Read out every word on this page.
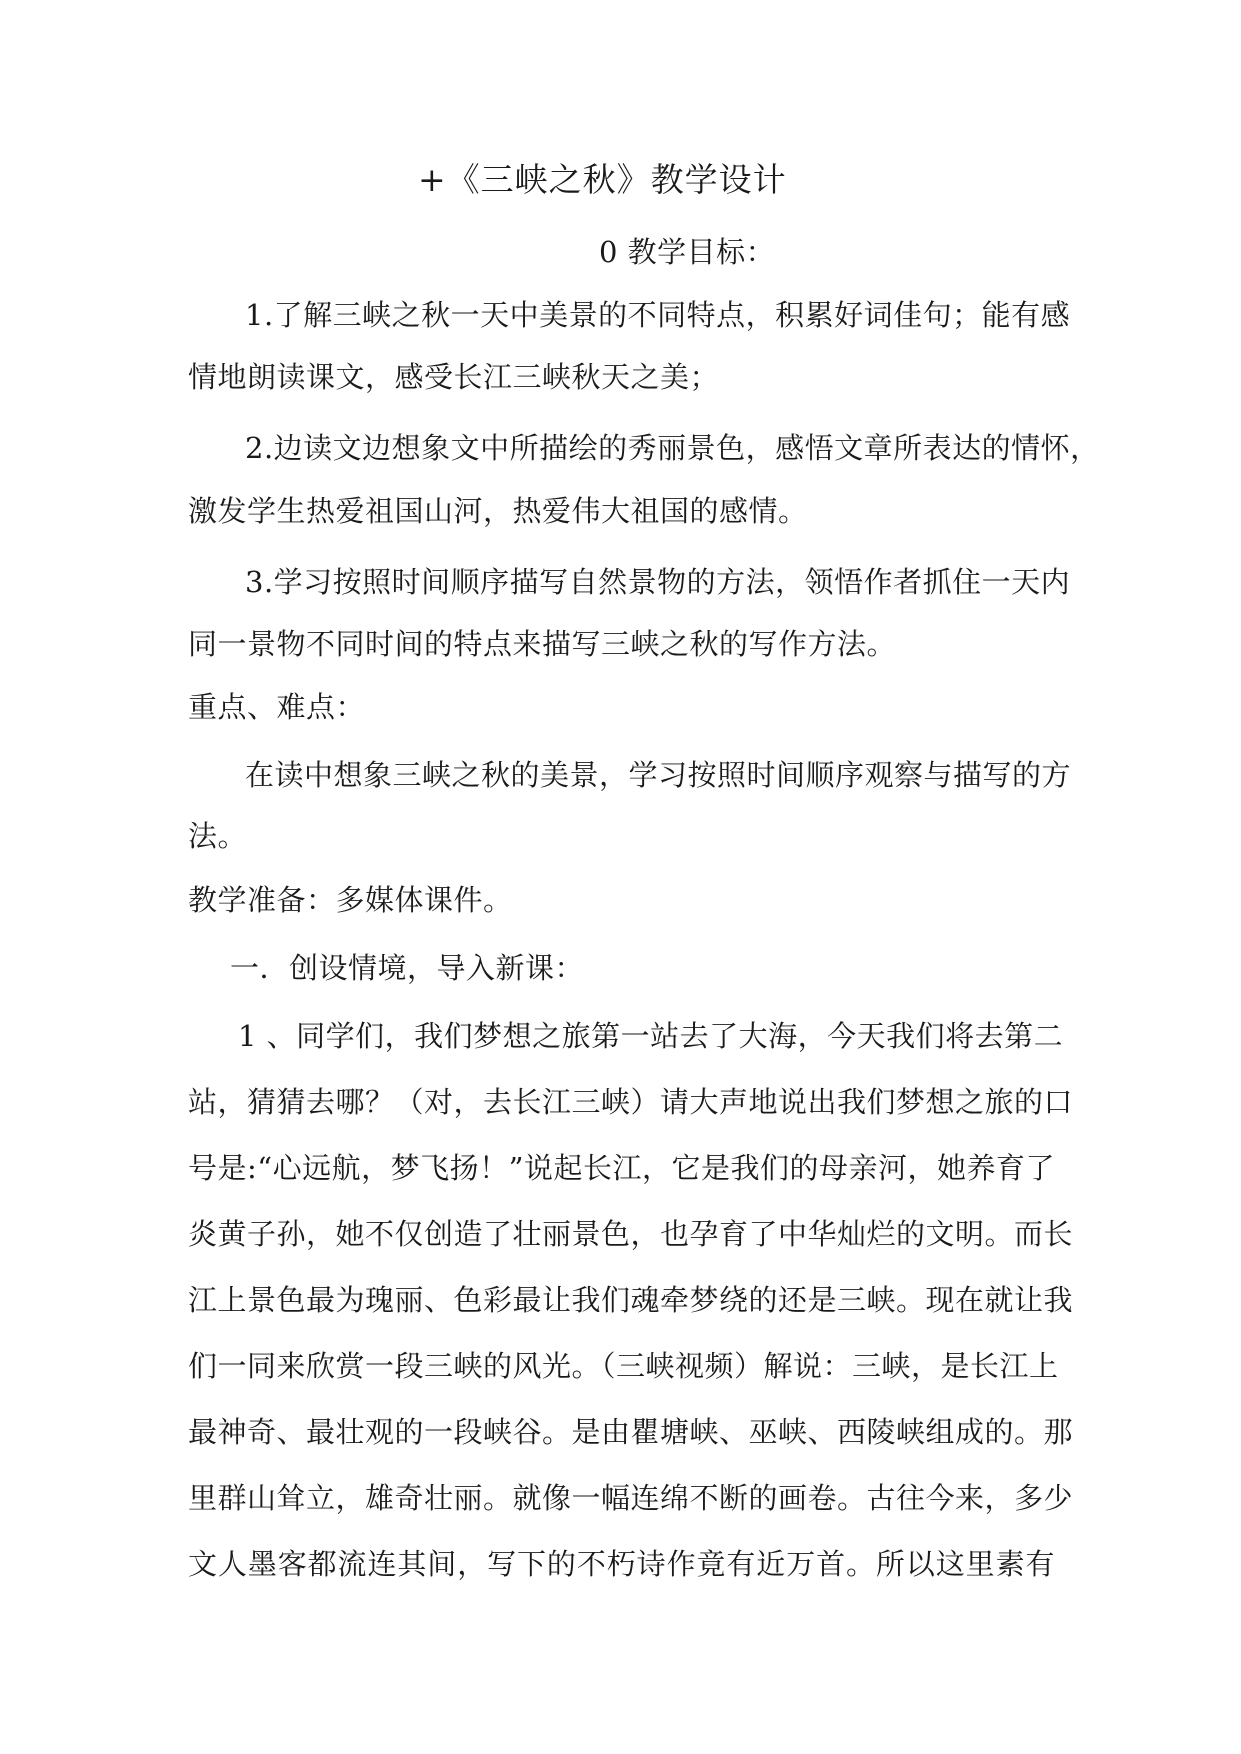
+《三峡之秋》教学设计
0 教学目标：
1.了解三峡之秋一天中美景的不同特点，积累好词佳句；能有感
情地朗读课文，感受长江三峡秋天之美；
2.边读文边想象文中所描绘的秀丽景色，感悟文章所表达的情怀，
激发学生热爱祖国山河，热爱伟大祖国的感情。
3.学习按照时间顺序描写自然景物的方法，领悟作者抓住一天内
同一景物不同时间的特点来描写三峡之秋的写作方法。
重点、难点：
在读中想象三峡之秋的美景，学习按照时间顺序观察与描写的方
法。
教学准备：多媒体课件。
一．创设情境，导入新课：
1 、同学们，我们梦想之旅第一站去了大海，今天我们将去第二
站，猜猜去哪？（对，去长江三峡）请大声地说出我们梦想之旅的口
号是:“心远航，梦飞扬！”说起长江，它是我们的母亲河，她养育了
炎黄子孙，她不仅创造了壮丽景色，也孕育了中华灿烂的文明。而长
江上景色最为瑰丽、色彩最让我们魂牵梦绕的还是三峡。现在就让我
们一同来欣赏一段三峡的风光。（三峡视频）解说：三峡，是长江上
最神奇、最壮观的一段峡谷。是由瞿塘峡、巫峡、西陵峡组成的。那
里群山耸立，雄奇壮丽。就像一幅连绵不断的画卷。古往今来，多少
文人墨客都流连其间，写下的不朽诗作竟有近万首。所以这里素有
